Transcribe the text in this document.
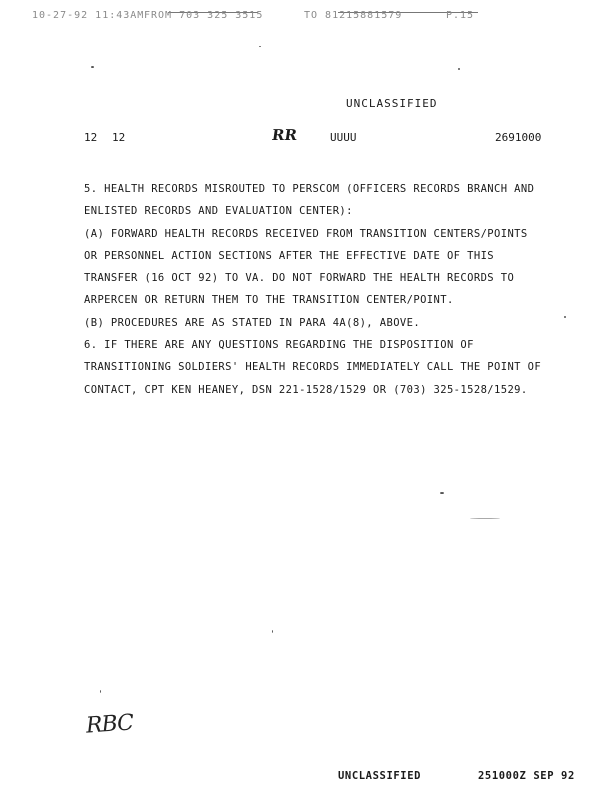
10-27-92 11:43AM FROM 703 325 3515	TO 81215881579	P.15
UNCLASSIFIED
12 12	RR	UUUU	2691000
5. HEALTH RECORDS MISROUTED TO PERSCOM (OFFICERS RECORDS BRANCH AND
ENLISTED RECORDS AND EVALUATION CENTER):
(A) FORWARD HEALTH RECORDS RECEIVED FROM TRANSITION CENTERS/POINTS
OR PERSONNEL ACTION SECTIONS AFTER THE EFFECTIVE DATE OF THIS
TRANSFER (16 OCT 92) TO VA. DO NOT FORWARD THE HEALTH RECORDS TO
ARPERCEN OR RETURN THEM TO THE TRANSITION CENTER/POINT.
(B) PROCEDURES ARE AS STATED IN PARA 4A(8), ABOVE.
6. IF THERE ARE ANY QUESTIONS REGARDING THE DISPOSITION OF
TRANSITIONING SOLDIERS' HEALTH RECORDS IMMEDIATELY CALL THE POINT OF
CONTACT, CPT KEN HEANEY, DSN 221-1528/1529 OR (703) 325-1528/1529.
RBC
UNCLASSIFIED	251000Z SEP 92
